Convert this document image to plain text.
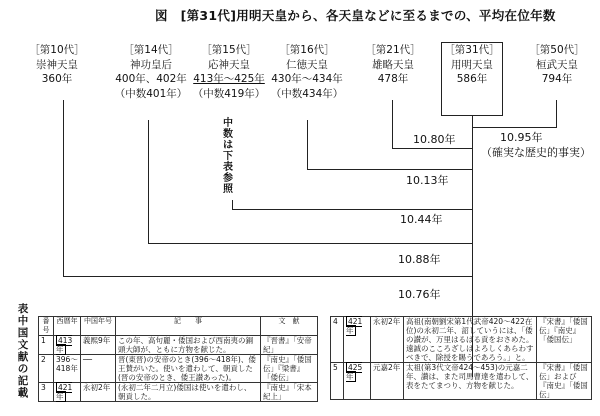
図　[第31代]用明天皇から、各天皇などに至るまでの、平均在位年数
［第10代］
崇神天皇
360年
［第14代］
神功皇后
400年、402年
（中数401年）
［第15代］
応神天皇
413年〜425年
（中数419年）
［第16代］
仁徳天皇
430年〜434年
（中数434年）
［第21代］
雄略天皇
478年
［第31代］
用明天皇
586年
［第50代］
桓武天皇
794年
中数は下表参照
10.95年
（確実な歴史的事実）
10.80年
10.13年
10.44年
10.88年
10.76年
表　中国文献の記載
番号	西暦年	中国年号	記　　事	文　献
1	413年	義熙9年	この年、高句麗・倭国および西南夷の銅頭大師が、ともに方物を献じた。	『晋書』「安帝紀」
2	396〜418年	──	晋(東晋)の安帝のとき(396〜418年)、倭王賛がいた。使いを遣わして、朝貢した(晋の安帝のとき、倭王讃あった)。	『南史』「倭国伝」『梁書』「倭伝」
3	421年	永初2年	(永初二年二月立)倭国は使いを遣わし、朝貢した。	『南史』「宋本紀上」
4	421年	永初2年	高祖(南朝劉宋第1代武帝420〜422在位)の永初二年、詔していうには、「倭の讃が、万里はるばる貢をおさめた。遠誠のこころざしはよろしくあらわすべきで、除授を賜うであろう。」と。	『宋書』「倭国伝」『南史』「倭国伝」
5	425年	元嘉2年	太祖(第3代文帝424〜453)の元嘉二年、讃は、また司馬曹達を遣わして、表をたてまつり、方物を献じた。	『宋書』「倭国伝」および『南史』「倭国伝」
